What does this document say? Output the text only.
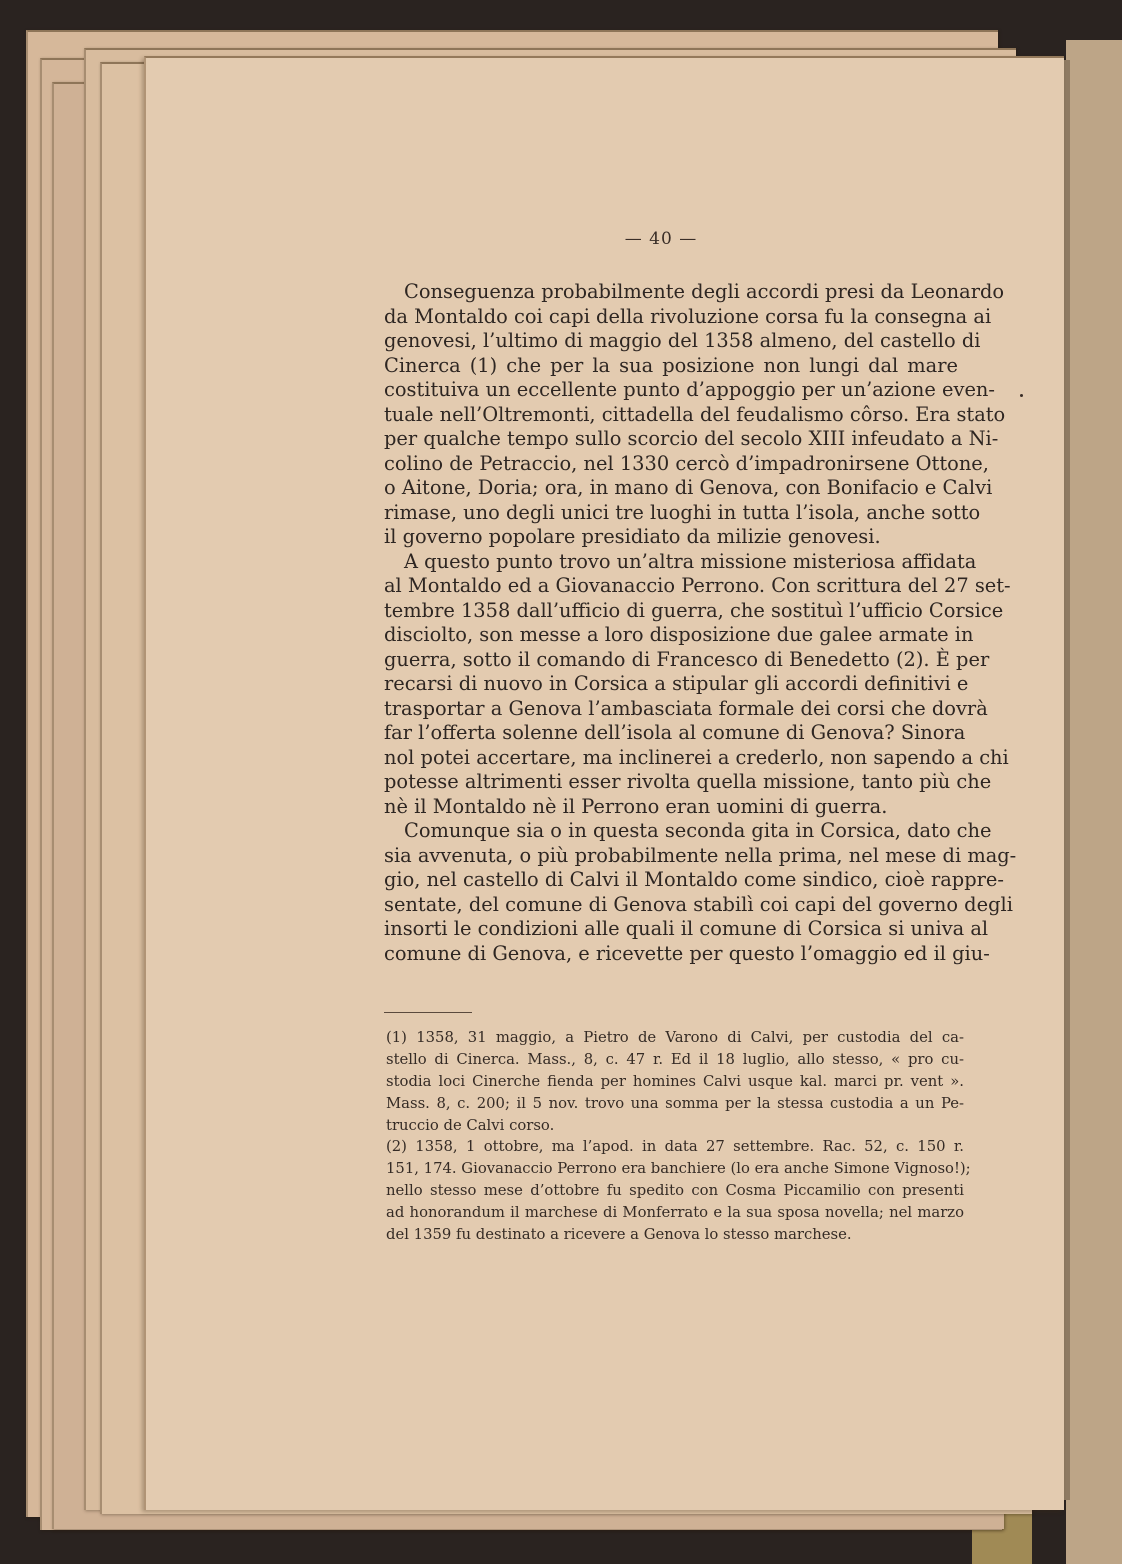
— 40 —
Conseguenza probabilmente degli accordi presi da Leonardo
da Montaldo coi capi della rivoluzione corsa fu la consegna ai
genovesi, l’ultimo di maggio del 1358 almeno, del castello di
Cinerca (1) che per la sua posizione non lungi dal mare
costituiva un eccellente punto d’appoggio per un’azione even-
tuale nell’Oltremonti, cittadella del feudalismo côrso. Era stato
per qualche tempo sullo scorcio del secolo XIII infeudato a Ni-
colino de Petraccio, nel 1330 cercò d’impadronirsene Ottone,
o Aitone, Doria; ora, in mano di Genova, con Bonifacio e Calvi
rimase, uno degli unici tre luoghi in tutta l’isola, anche sotto
il governo popolare presidiato da milizie genovesi.
A questo punto trovo un’altra missione misteriosa affidata
al Montaldo ed a Giovanaccio Perrono. Con scrittura del 27 set-
tembre 1358 dall’ufficio di guerra, che sostituì l’ufficio Corsice
disciolto, son messe a loro disposizione due galee armate in
guerra, sotto il comando di Francesco di Benedetto (2). È per
recarsi di nuovo in Corsica a stipular gli accordi definitivi e
trasportar a Genova l’ambasciata formale dei corsi che dovrà
far l’offerta solenne dell’isola al comune di Genova? Sinora
nol potei accertare, ma inclinerei a crederlo, non sapendo a chi
potesse altrimenti esser rivolta quella missione, tanto più che
nè il Montaldo nè il Perrono eran uomini di guerra.
Comunque sia o in questa seconda gita in Corsica, dato che
sia avvenuta, o più probabilmente nella prima, nel mese di mag-
gio, nel castello di Calvi il Montaldo come sindico, cioè rappre-
sentate, del comune di Genova stabilì coi capi del governo degli
insorti le condizioni alle quali il comune di Corsica si univa al
comune di Genova, e ricevette per questo l’omaggio ed il giu-
(1) 1358, 31 maggio, a Pietro de Varono di Calvi, per custodia del ca-
stello di Cinerca. Mass., 8, c. 47 r. Ed il 18 luglio, allo stesso, « pro cu-
stodia loci Cinerche fienda per homines Calvi usque kal. marci pr. vent ».
Mass. 8, c. 200; il 5 nov. trovo una somma per la stessa custodia a un Pe-
truccio de Calvi corso.
(2) 1358, 1 ottobre, ma l’apod. in data 27 settembre. Rac. 52, c. 150 r.
151, 174. Giovanaccio Perrono era banchiere (lo era anche Simone Vignoso!);
nello stesso mese d’ottobre fu spedito con Cosma Piccamilio con presenti
ad honorandum il marchese di Monferrato e la sua sposa novella; nel marzo
del 1359 fu destinato a ricevere a Genova lo stesso marchese.
